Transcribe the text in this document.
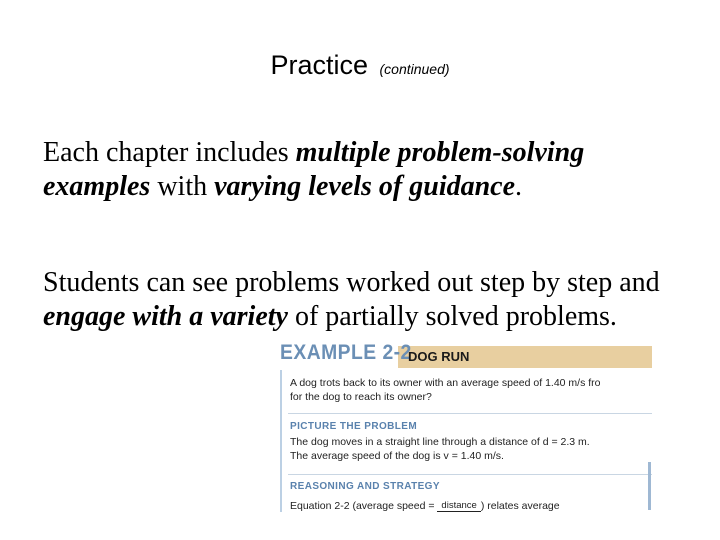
Practice (continued)
Each chapter includes multiple problem-solving examples with varying levels of guidance.
Students can see problems worked out step by step and engage with a variety of partially solved problems.
EXAMPLE 2-2
DOG RUN
A dog trots back to its owner with an average speed of 1.40 m/s fro
for the dog to reach its owner?
PICTURE THE PROBLEM
The dog moves in a straight line through a distance of d = 2.3 m.
The average speed of the dog is v = 1.40 m/s.
REASONING AND STRATEGY
Equation 2-2 (average speed = distance ) relates average
